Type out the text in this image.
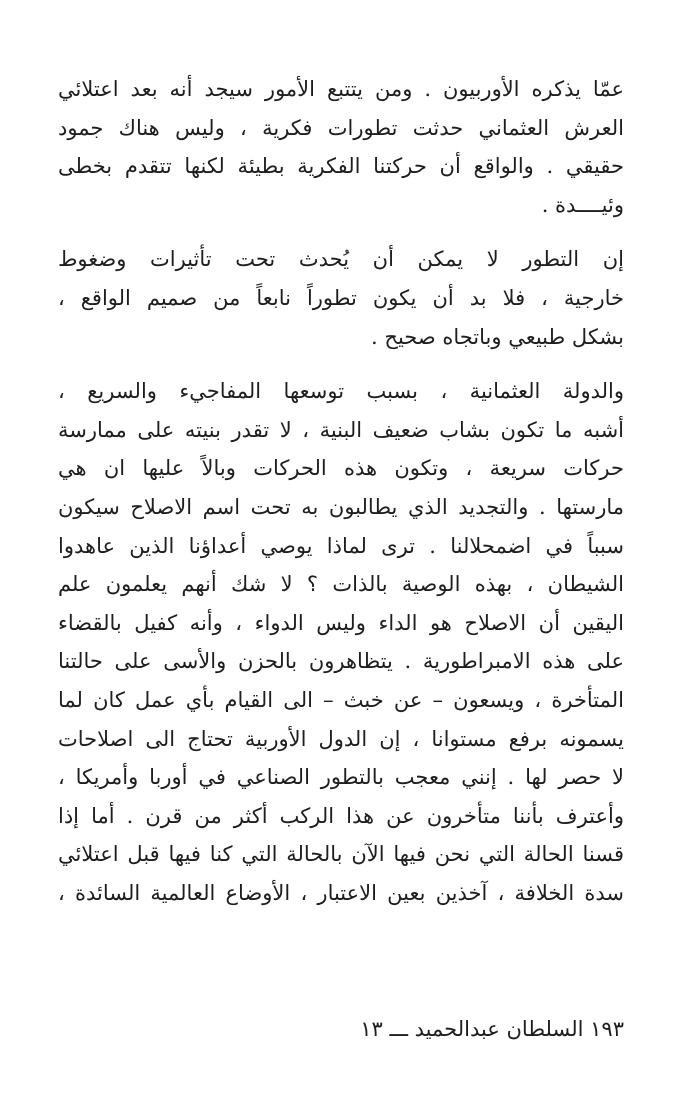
عمّا يذكره الأوربيون . ومن يتتبع الأمور سيجد أنه بعد اعتلائي
العرش العثماني حدثت تطورات فكرية ، وليس هناك جمود
حقيقي . والواقع أن حركتنا الفكرية بطيئة لكنها تتقدم بخطى
وئيــــدة .
إن التطور لا يمكن أن يُحدث تحت تأثيرات وضغوط
خارجية ، فلا بد أن يكون تطوراً نابعاً من صميم الواقع ،
بشكل طبيعي وباتجاه صحيح .
والدولة العثمانية ، بسبب توسعها المفاجيء والسريع ،
أشبه ما تكون بشاب ضعيف البنية ، لا تقدر بنيته على ممارسة
حركات سريعة ، وتكون هذه الحركات وبالاً عليها ان هي
مارستها . والتجديد الذي يطالبون به تحت اسم الاصلاح سيكون
سبباً في اضمحلالنا . ترى لماذا يوصي أعداؤنا الذين عاهدوا
الشيطان ، بهذه الوصية بالذات ؟ لا شك أنهم يعلمون علم
اليقين أن الاصلاح هو الداء وليس الدواء ، وأنه كفيل بالقضاء
على هذه الامبراطورية . يتظاهرون بالحزن والأسى على حالتنا
المتأخرة ، ويسعون – عن خبث – الى القيام بأي عمل كان لما
يسمونه برفع مستوانا ، إن الدول الأوربية تحتاج الى اصلاحات
لا حصر لها . إنني معجب بالتطور الصناعي في أوربا وأمريكا ،
وأعترف بأننا متأخرون عن هذا الركب أكثر من قرن . أما إذا
قسنا الحالة التي نحن فيها الآن بالحالة التي كنا فيها قبل اعتلائي
سدة الخلافة ، آخذين بعين الاعتبار ، الأوضاع العالمية السائدة ،
١٩٣ السلطان عبدالحميد ـــ ١٣
